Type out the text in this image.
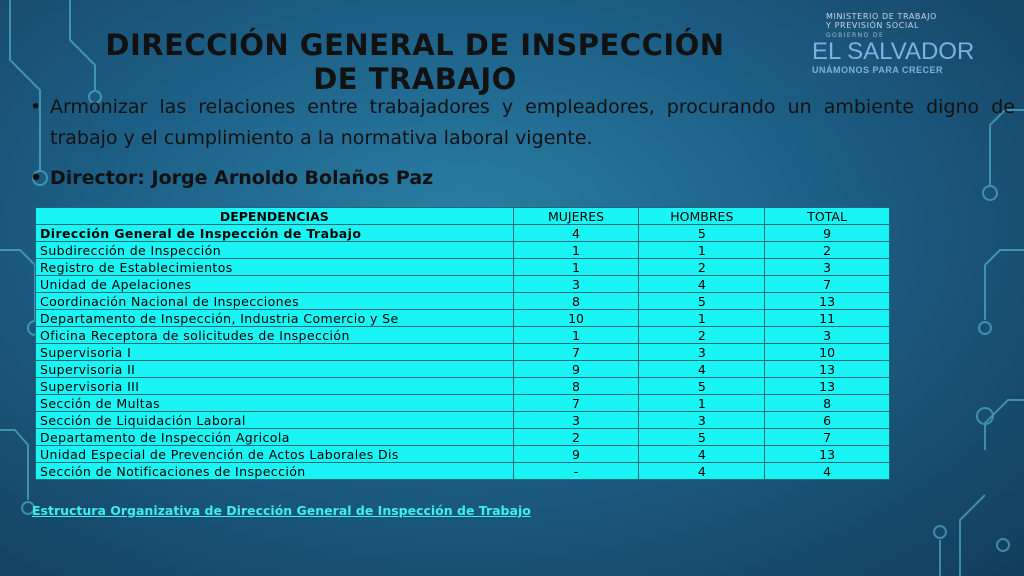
DIRECCIÓN GENERAL DE INSPECCIÓN DE TRABAJO
MINISTERIO DE TRABAJO
Y PREVISIÓN SOCIAL
GOBIERNO DE
EL SALVADOR
UNÁMONOS PARA CRECER
• Armonizar las relaciones entre trabajadores y empleadores, procurando un ambiente digno de trabajo y el cumplimiento a la normativa laboral vigente.
• Director: Jorge Arnoldo Bolaños Paz
DEPENDENCIAS	MUJERES	HOMBRES	TOTAL
Dirección General de Inspección de Trabajo	4	5	9
Subdirección de Inspección	1	1	2
Registro de Establecimientos	1	2	3
Unidad de Apelaciones	3	4	7
Coordinación Nacional de Inspecciones	8	5	13
Departamento de Inspección, Industria Comercio y Se	10	1	11
Oficina Receptora de solicitudes de Inspección	1	2	3
Supervisoria I	7	3	10
Supervisoria II	9	4	13
Supervisoria III	8	5	13
Sección de Multas	7	1	8
Sección de Liquidación Laboral	3	3	6
Departamento de Inspección Agricola	2	5	7
Unidad Especial de Prevención de Actos Laborales Dis	9	4	13
Sección de Notificaciones de Inspección	-	4	4
Estructura Organizativa de Dirección General de Inspección de Trabajo
